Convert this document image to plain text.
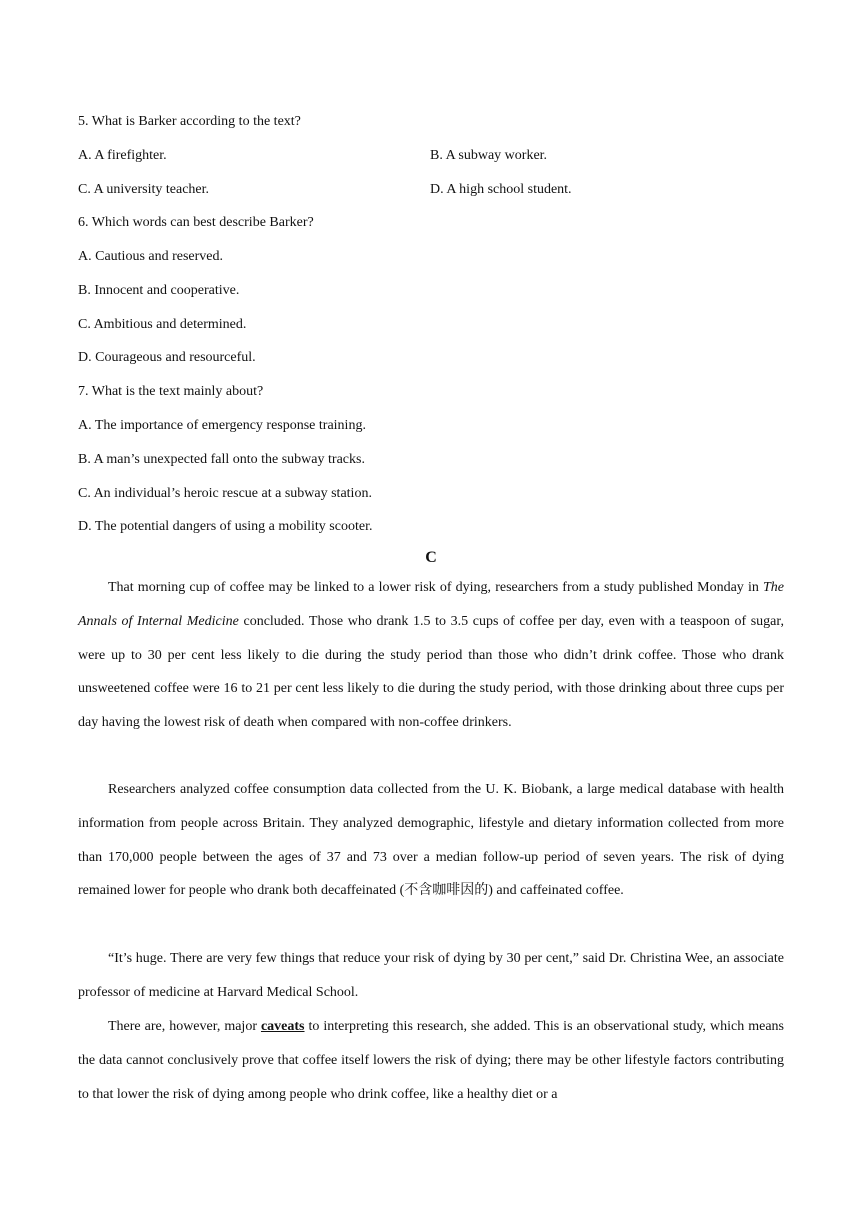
5. What is Barker according to the text?
A. A firefighter.	B. A subway worker.
C. A university teacher.	D. A high school student.
6. Which words can best describe Barker?
A. Cautious and reserved.
B. Innocent and cooperative.
C. Ambitious and determined.
D. Courageous and resourceful.
7. What is the text mainly about?
A. The importance of emergency response training.
B. A man’s unexpected fall onto the subway tracks.
C. An individual’s heroic rescue at a subway station.
D. The potential dangers of using a mobility scooter.
C

That morning cup of coffee may be linked to a lower risk of dying, researchers from a study published Monday in The Annals of Internal Medicine concluded. Those who drank 1.5 to 3.5 cups of coffee per day, even with a teaspoon of sugar, were up to 30 per cent less likely to die during the study period than those who didn’t drink coffee. Those who drank unsweetened coffee were 16 to 21 per cent less likely to die during the study period, with those drinking about three cups per day having the lowest risk of death when compared with non-coffee drinkers.

Researchers analyzed coffee consumption data collected from the U. K. Biobank, a large medical database with health information from people across Britain. They analyzed demographic, lifestyle and dietary information collected from more than 170,000 people between the ages of 37 and 73 over a median follow-up period of seven years. The risk of dying remained lower for people who drank both decaffeinated (不含咖啡因的) and caffeinated coffee.

“It’s huge. There are very few things that reduce your risk of dying by 30 per cent,” said Dr. Christina Wee, an associate professor of medicine at Harvard Medical School.

There are, however, major caveats to interpreting this research, she added. This is an observational study, which means the data cannot conclusively prove that coffee itself lowers the risk of dying; there may be other lifestyle factors contributing to that lower the risk of dying among people who drink coffee, like a healthy diet or a
